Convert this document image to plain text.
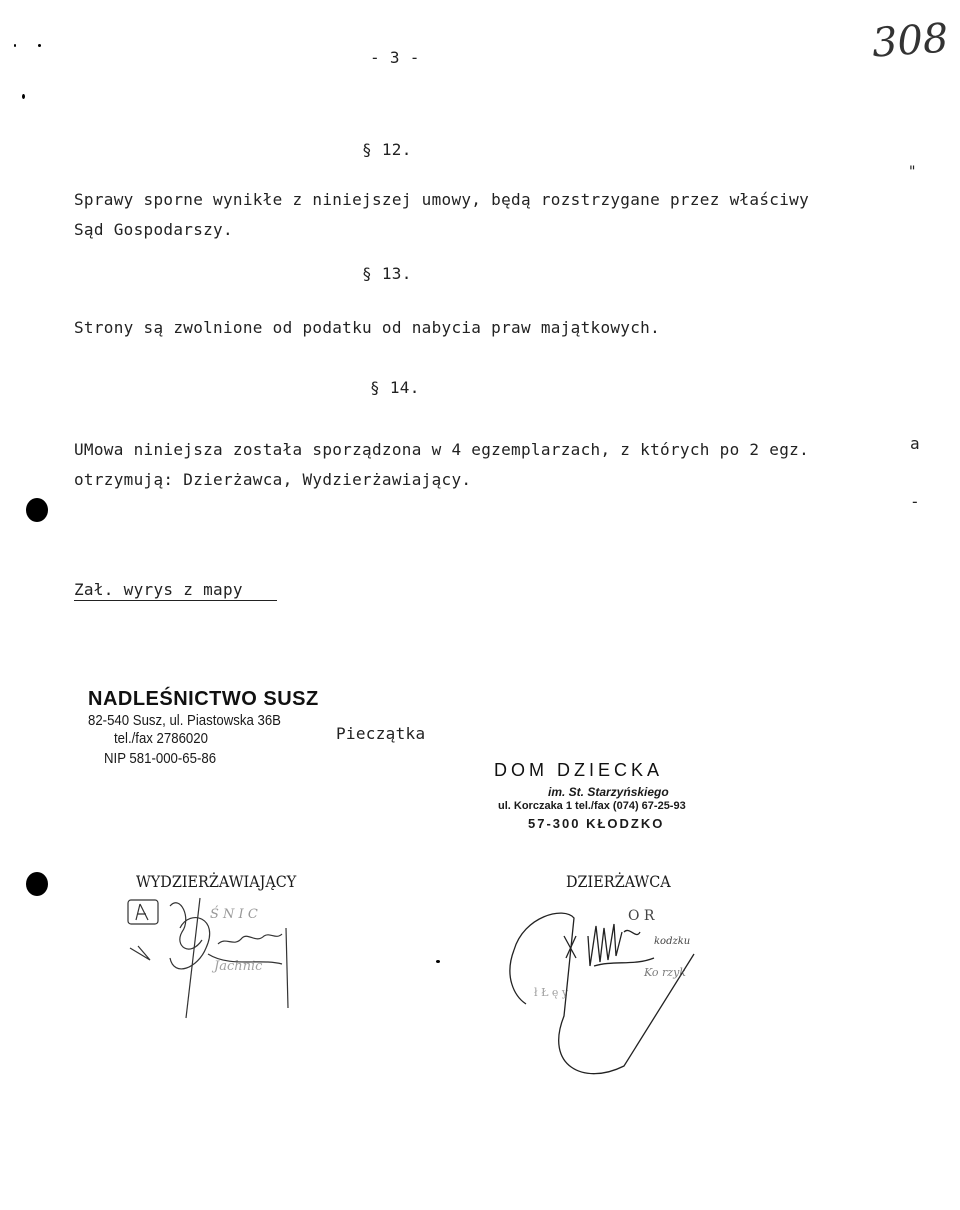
- 3 -	308
§ 12.
Sprawy sporne wynikłe z niniejszej umowy, będą rozstrzygane przez właściwy
Sąd Gospodarszy.
"
§ 13.
Strony są zwolnione od podatku od nabycia praw majątkowych.
§ 14.
UMowa niniejsza została sporządzona w 4 egzemplarzach, z których po 2 egz.
otrzymują: Dzierżawca, Wydzierżawiający.
a
-
Zał. wyrys z mapy
NADLEŚNICTWO SUSZ
82-540 Susz, ul. Piastowska 36B
tel./fax 2786020
NIP 581-000-65-86
Pieczątka
DOM DZIECKA
im. St. Starzyńskiego
ul. Korczaka 1 tel./fax (074) 67-25-93
57-300 KŁODZKO
WYDZIERŻAWIAJĄCY	DZIERŻAWCA
Ś N I C
Jachnic
O R
kodzku
Ko rzyk
ł Ł ę y
